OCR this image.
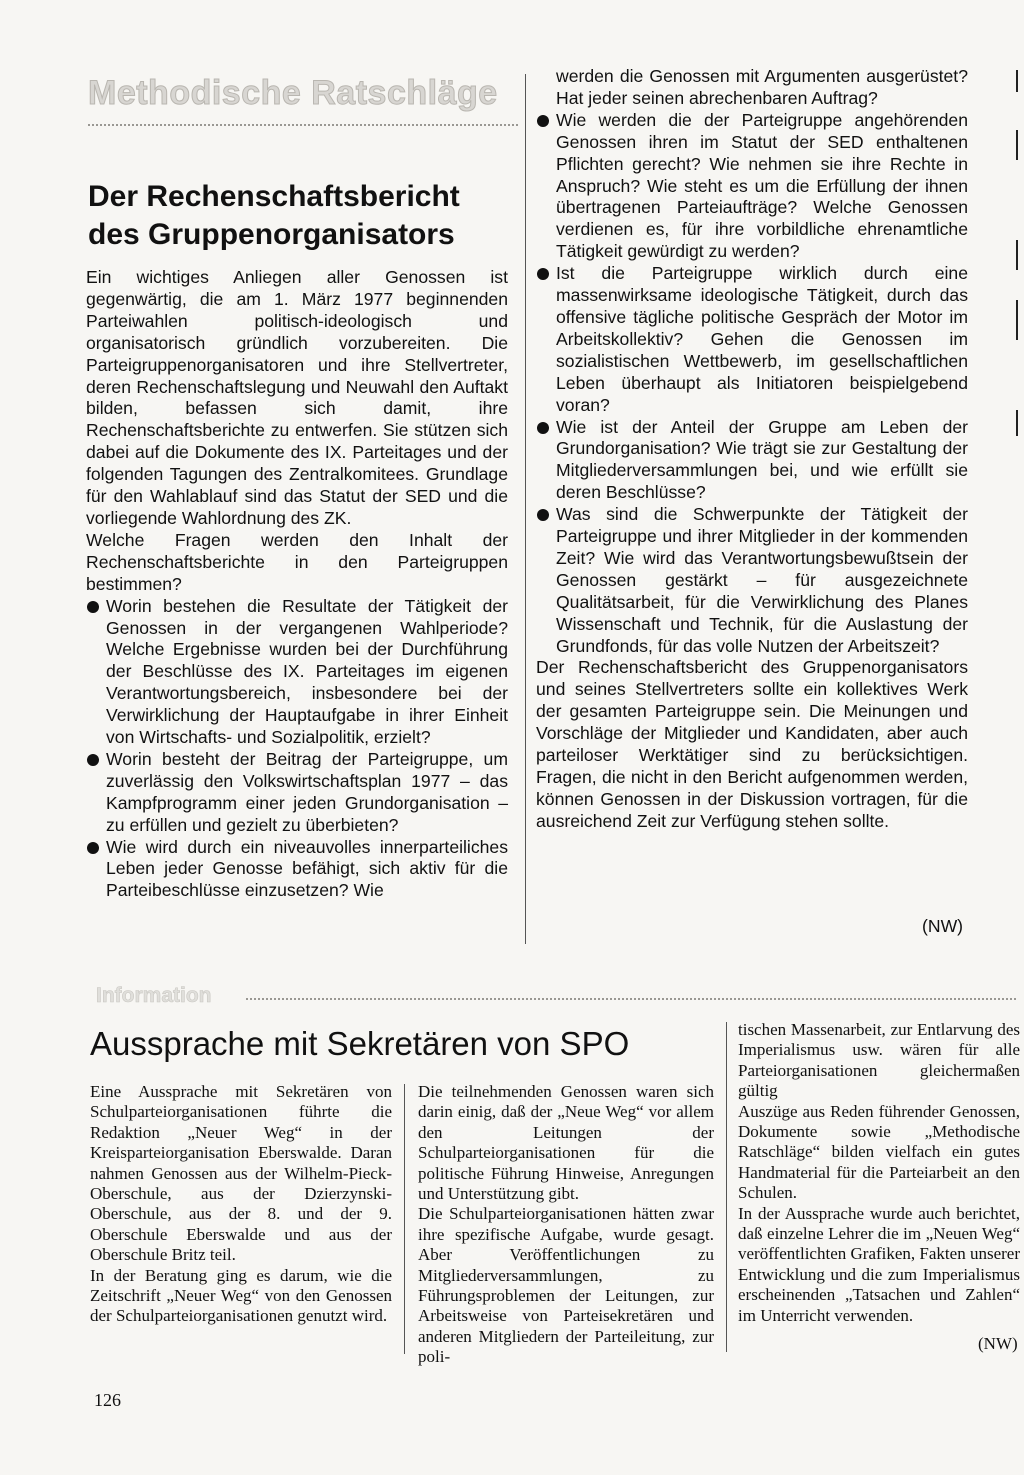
Methodische Ratschläge
Der Rechenschaftsbericht
des Gruppenorganisators

Ein wichtiges Anliegen aller Genossen ist gegenwärtig, die am 1. März 1977 beginnenden Parteiwahlen politisch-ideologisch und organisatorisch gründlich vorzubereiten. Die Parteigruppenorganisatoren und ihre Stellvertreter, deren Rechenschaftslegung und Neuwahl den Auftakt bilden, befassen sich damit, ihre Rechenschaftsberichte zu entwerfen. Sie stützen sich dabei auf die Dokumente des IX. Parteitages und der folgenden Tagungen des Zentralkomitees. Grundlage für den Wahlablauf sind das Statut der SED und die vorliegende Wahlordnung des ZK.

Welche Fragen werden den Inhalt der Rechenschaftsberichte in den Parteigruppen bestimmen?

Worin bestehen die Resultate der Tätigkeit der Genossen in der vergangenen Wahlperiode? Welche Ergebnisse wurden bei der Durchführung der Beschlüsse des IX. Parteitages im eigenen Verantwortungsbereich, insbesondere bei der Verwirklichung der Hauptaufgabe in ihrer Einheit von Wirtschafts- und Sozialpolitik, erzielt?
Worin besteht der Beitrag der Parteigruppe, um zuverlässig den Volkswirtschaftsplan 1977 – das Kampfprogramm einer jeden Grundorganisation – zu erfüllen und gezielt zu überbieten?
Wie wird durch ein niveauvolles innerparteiliches Leben jeder Genosse befähigt, sich aktiv für die Parteibeschlüsse einzusetzen? Wie
werden die Genossen mit Argumenten ausgerüstet? Hat jeder seinen abrechenbaren Auftrag?
Wie werden die der Parteigruppe angehörenden Genossen ihren im Statut der SED enthaltenen Pflichten gerecht? Wie nehmen sie ihre Rechte in Anspruch? Wie steht es um die Erfüllung der ihnen übertragenen Parteiaufträge? Welche Genossen verdienen es, für ihre vorbildliche ehrenamtliche Tätigkeit gewürdigt zu werden?
Ist die Parteigruppe wirklich durch eine massenwirksame ideologische Tätigkeit, durch das offensive tägliche politische Gespräch der Motor im Arbeitskollektiv? Gehen die Genossen im sozialistischen Wettbewerb, im gesellschaftlichen Leben überhaupt als Initiatoren beispielgebend voran?
Wie ist der Anteil der Gruppe am Leben der Grundorganisation? Wie trägt sie zur Gestaltung der Mitgliederversammlungen bei, und wie erfüllt sie deren Beschlüsse?
Was sind die Schwerpunkte der Tätigkeit der Parteigruppe und ihrer Mitglieder in der kommenden Zeit? Wie wird das Verantwortungsbewußtsein der Genossen gestärkt – für ausgezeichnete Qualitätsarbeit, für die Verwirklichung des Planes Wissenschaft und Technik, für die Auslastung der Grundfonds, für das volle Nutzen der Arbeitszeit?

Der Rechenschaftsbericht des Gruppenorganisators und seines Stellvertreters sollte ein kollektives Werk der gesamten Parteigruppe sein. Die Meinungen und Vorschläge der Mitglieder und Kandidaten, aber auch parteiloser Werktätiger sind zu berücksichtigen. Fragen, die nicht in den Bericht aufgenommen werden, können Genossen in der Diskussion vortragen, für die ausreichend Zeit zur Verfügung stehen sollte.

(NW)
Information
Aussprache mit Sekretären von SPO

Eine Aussprache mit Sekretären von Schulparteiorganisationen führte die Redaktion „Neuer Weg“ in der Kreisparteiorganisation Eberswalde. Daran nahmen Genossen aus der Wilhelm-Pieck-Oberschule, aus der Dzierzynski-Oberschule, aus der 8. und der 9. Oberschule Eberswalde und aus der Oberschule Britz teil.

In der Beratung ging es darum, wie die Zeitschrift „Neuer Weg“ von den Genossen der Schulparteiorganisationen genutzt wird.

Die teilnehmenden Genossen waren sich darin einig, daß der „Neue Weg“ vor allem den Leitungen der Schulparteiorganisationen für die politische Führung Hinweise, Anregungen und Unterstützung gibt.

Die Schulparteiorganisationen hätten zwar ihre spezifische Aufgabe, wurde gesagt. Aber Veröffentlichungen zu Mitgliederversammlungen, zu Führungsproblemen der Leitungen, zur Arbeitsweise von Parteisekretären und anderen Mitgliedern der Parteileitung, zur poli-

tischen Massenarbeit, zur Entlarvung des Imperialismus usw. wären für alle Parteiorganisationen gleichermaßen gültig

Auszüge aus Reden führender Genossen, Dokumente sowie „Methodische Ratschläge“ bilden vielfach ein gutes Handmaterial für die Parteiarbeit an den Schulen.

In der Aussprache wurde auch berichtet, daß einzelne Lehrer die im „Neuen Weg“ veröffentlichten Grafiken, Fakten unserer Entwicklung und die zum Imperialismus erscheinenden „Tatsachen und Zahlen“ im Unterricht verwenden.

(NW)
126
